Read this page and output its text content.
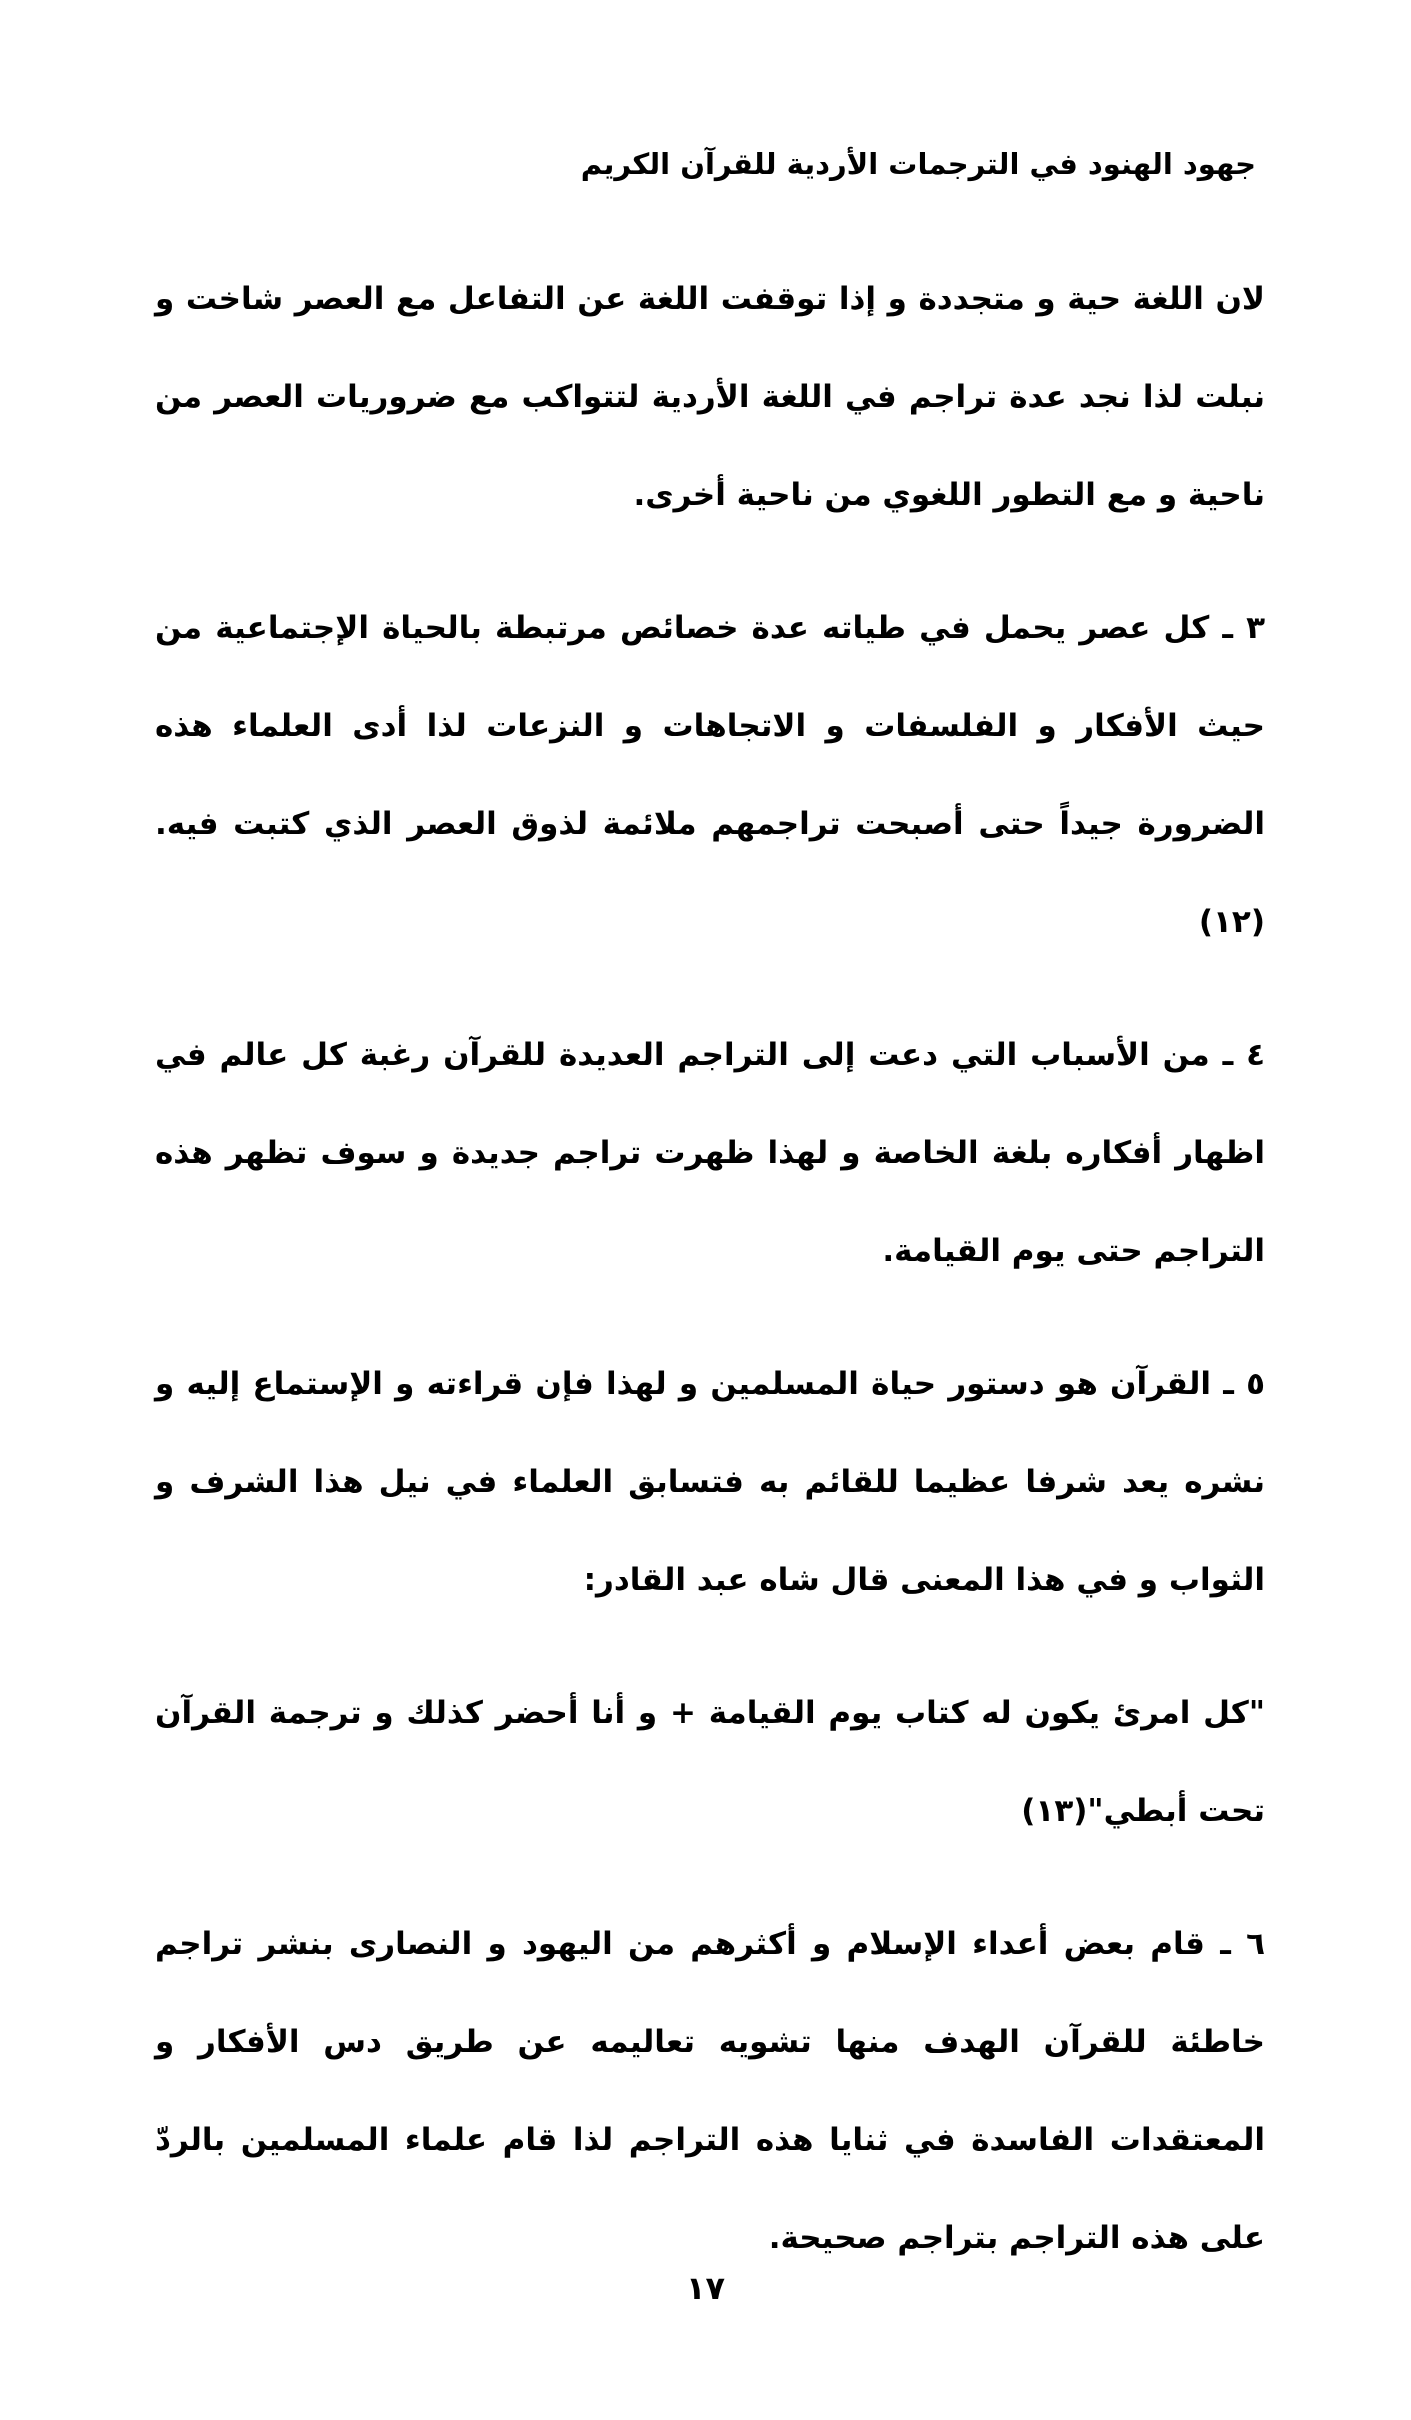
جهود الهنود في الترجمات الأردية للقرآن الكريم

لان اللغة حية و متجددة و إذا توقفت اللغة عن التفاعل مع العصر شاخت و نبلت لذا نجد عدة تراجم في اللغة الأردية لتتواكب مع ضروريات العصر من ناحية و مع التطور اللغوي من ناحية أخرى.

٣ ـ كل عصر يحمل في طياته عدة خصائص مرتبطة بالحياة الإجتماعية من حيث الأفكار و الفلسفات و الاتجاهات و النزعات لذا أدى العلماء هذه الضرورة جيداً حتى أصبحت تراجمهم ملائمة لذوق العصر الذي كتبت فيه.(١٢)

٤ ـ من الأسباب التي دعت إلى التراجم العديدة للقرآن رغبة كل عالم في اظهار أفكاره بلغة الخاصة و لهذا ظهرت تراجم جديدة و سوف تظهر هذه التراجم حتى يوم القيامة.

٥ ـ القرآن هو دستور حياة المسلمين و لهذا فإن قراءته و الإستماع إليه و نشره يعد شرفا عظيما للقائم به فتسابق العلماء في نيل هذا الشرف و الثواب و في هذا المعنى قال شاه عبد القادر:

"كل امرئ يكون له كتاب يوم القيامة + و أنا أحضر كذلك و ترجمة القرآن تحت أبطي"(١٣)

٦ ـ قام بعض أعداء الإسلام و أكثرهم من اليهود و النصارى بنشر تراجم خاطئة للقرآن الهدف منها تشويه تعاليمه عن طريق دس الأفكار و المعتقدات الفاسدة في ثنايا هذه التراجم لذا قام علماء المسلمين بالردّ على هذه التراجم بتراجم صحيحة.

١٧
